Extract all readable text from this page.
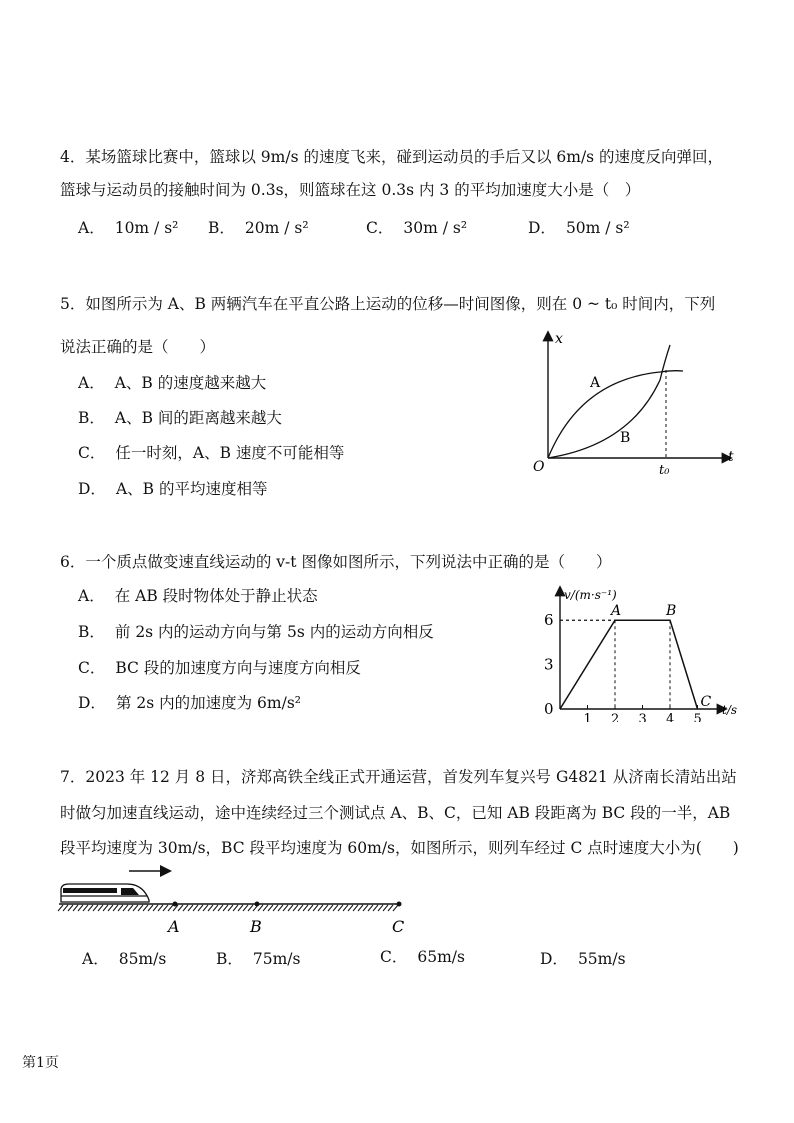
4．某场篮球比赛中，篮球以 9m/s 的速度飞来，碰到运动员的手后又以 6m/s 的速度反向弹回，
篮球与运动员的接触时间为 0.3s，则篮球在这 0.3s 内 3 的平均加速度大小是（　）
A． 10m / s² B． 20m / s²	C． 30m / s²	D． 50m / s²
5．如图所示为 A、B 两辆汽车在平直公路上运动的位移—时间图像，则在 0 ~ t₀ 时间内，下列
说法正确的是（　　）
A． A、B 的速度越来越大
B． A、B 间的距离越来越大
C． 任一时刻，A、B 速度不可能相等
D． A、B 的平均速度相等
x
t
O	t₀
A
B
6．一个质点做变速直线运动的 v-t 图像如图所示，下列说法中正确的是（　　）
A． 在 AB 段时物体处于静止状态
B． 前 2s 内的运动方向与第 5s 内的运动方向相反
C． BC 段的加速度方向与速度方向相反
D． 第 2s 内的加速度为 6m/s²
v/(m·s⁻¹)
t/s
1 2 3 4 5
0
3
6	A	B
C
7．2023 年 12 月 8 日，济郑高铁全线正式开通运营，首发列车复兴号 G4821 从济南长清站出站
时做匀加速直线运动，途中连续经过三个测试点 A、B、C，已知 AB 段距离为 BC 段的一半，AB
段平均速度为 30m/s，BC 段平均速度为 60m/s，如图所示，则列车经过 C 点时速度大小为(　　)
A	B	C
A． 85m/s	B． 75m/s	C． 65m/s	D． 55m/s
第1页
